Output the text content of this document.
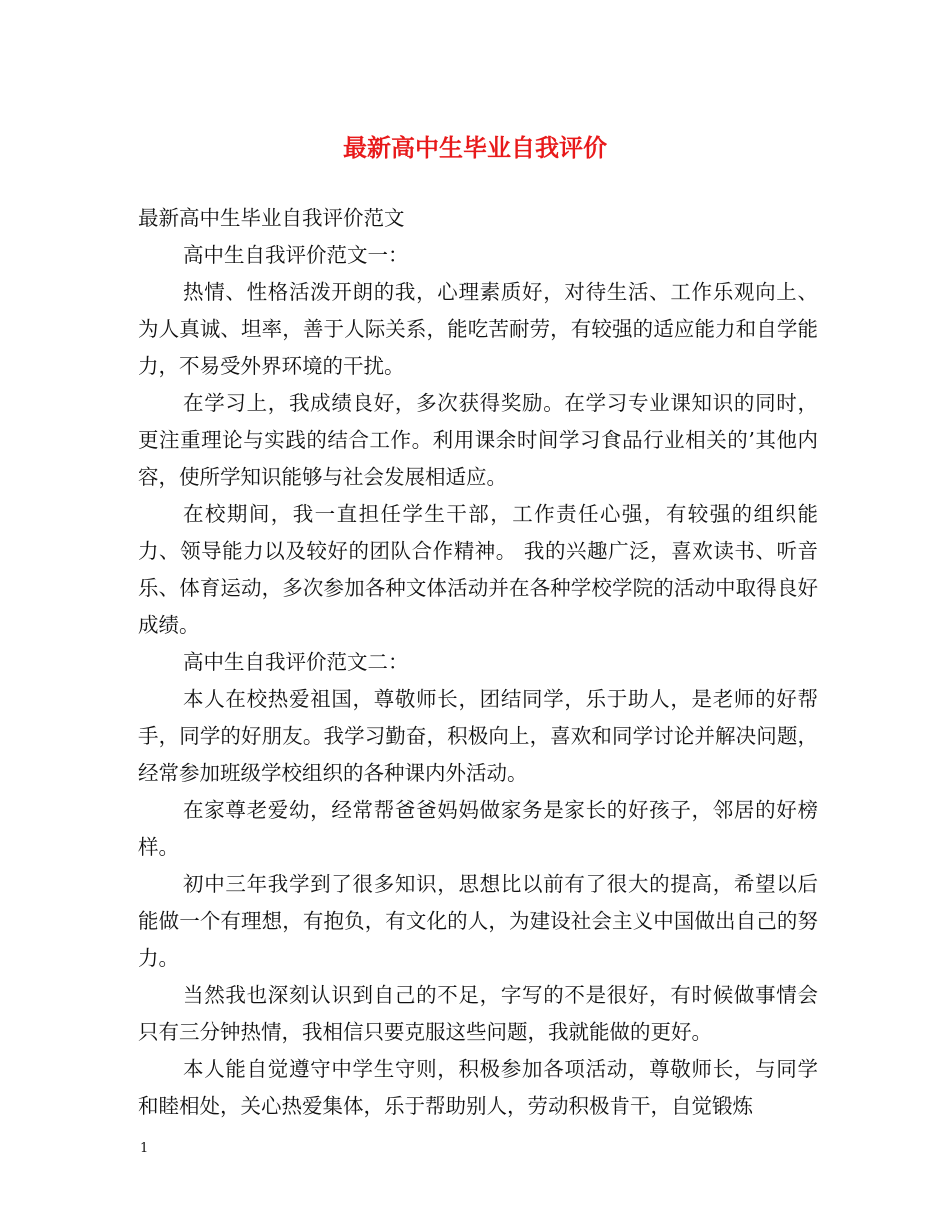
最新高中生毕业自我评价

最新高中生毕业自我评价范文

高中生自我评价范文一：

热情、性格活泼开朗的我，心理素质好，对待生活、工作乐观向上、为人真诚、坦率，善于人际关系，能吃苦耐劳，有较强的适应能力和自学能力，不易受外界环境的干扰。

在学习上，我成绩良好，多次获得奖励。在学习专业课知识的同时，更注重理论与实践的结合工作。利用课余时间学习食品行业相关的’其他内容，使所学知识能够与社会发展相适应。

在校期间，我一直担任学生干部，工作责任心强，有较强的组织能力、领导能力以及较好的团队合作精神。 我的兴趣广泛，喜欢读书、听音乐、体育运动，多次参加各种文体活动并在各种学校学院的活动中取得良好成绩。

高中生自我评价范文二：

本人在校热爱祖国，尊敬师长，团结同学，乐于助人，是老师的好帮手，同学的好朋友。我学习勤奋，积极向上，喜欢和同学讨论并解决问题，经常参加班级学校组织的各种课内外活动。

在家尊老爱幼，经常帮爸爸妈妈做家务是家长的好孩子，邻居的好榜样。

初中三年我学到了很多知识，思想比以前有了很大的提高，希望以后能做一个有理想，有抱负，有文化的人，为建设社会主义中国做出自己的努力。

当然我也深刻认识到自己的不足，字写的不是很好，有时候做事情会只有三分钟热情，我相信只要克服这些问题，我就能做的更好。

本人能自觉遵守中学生守则，积极参加各项活动，尊敬师长，与同学和睦相处，关心热爱集体，乐于帮助别人，劳动积极肯干，自觉锻炼

1
